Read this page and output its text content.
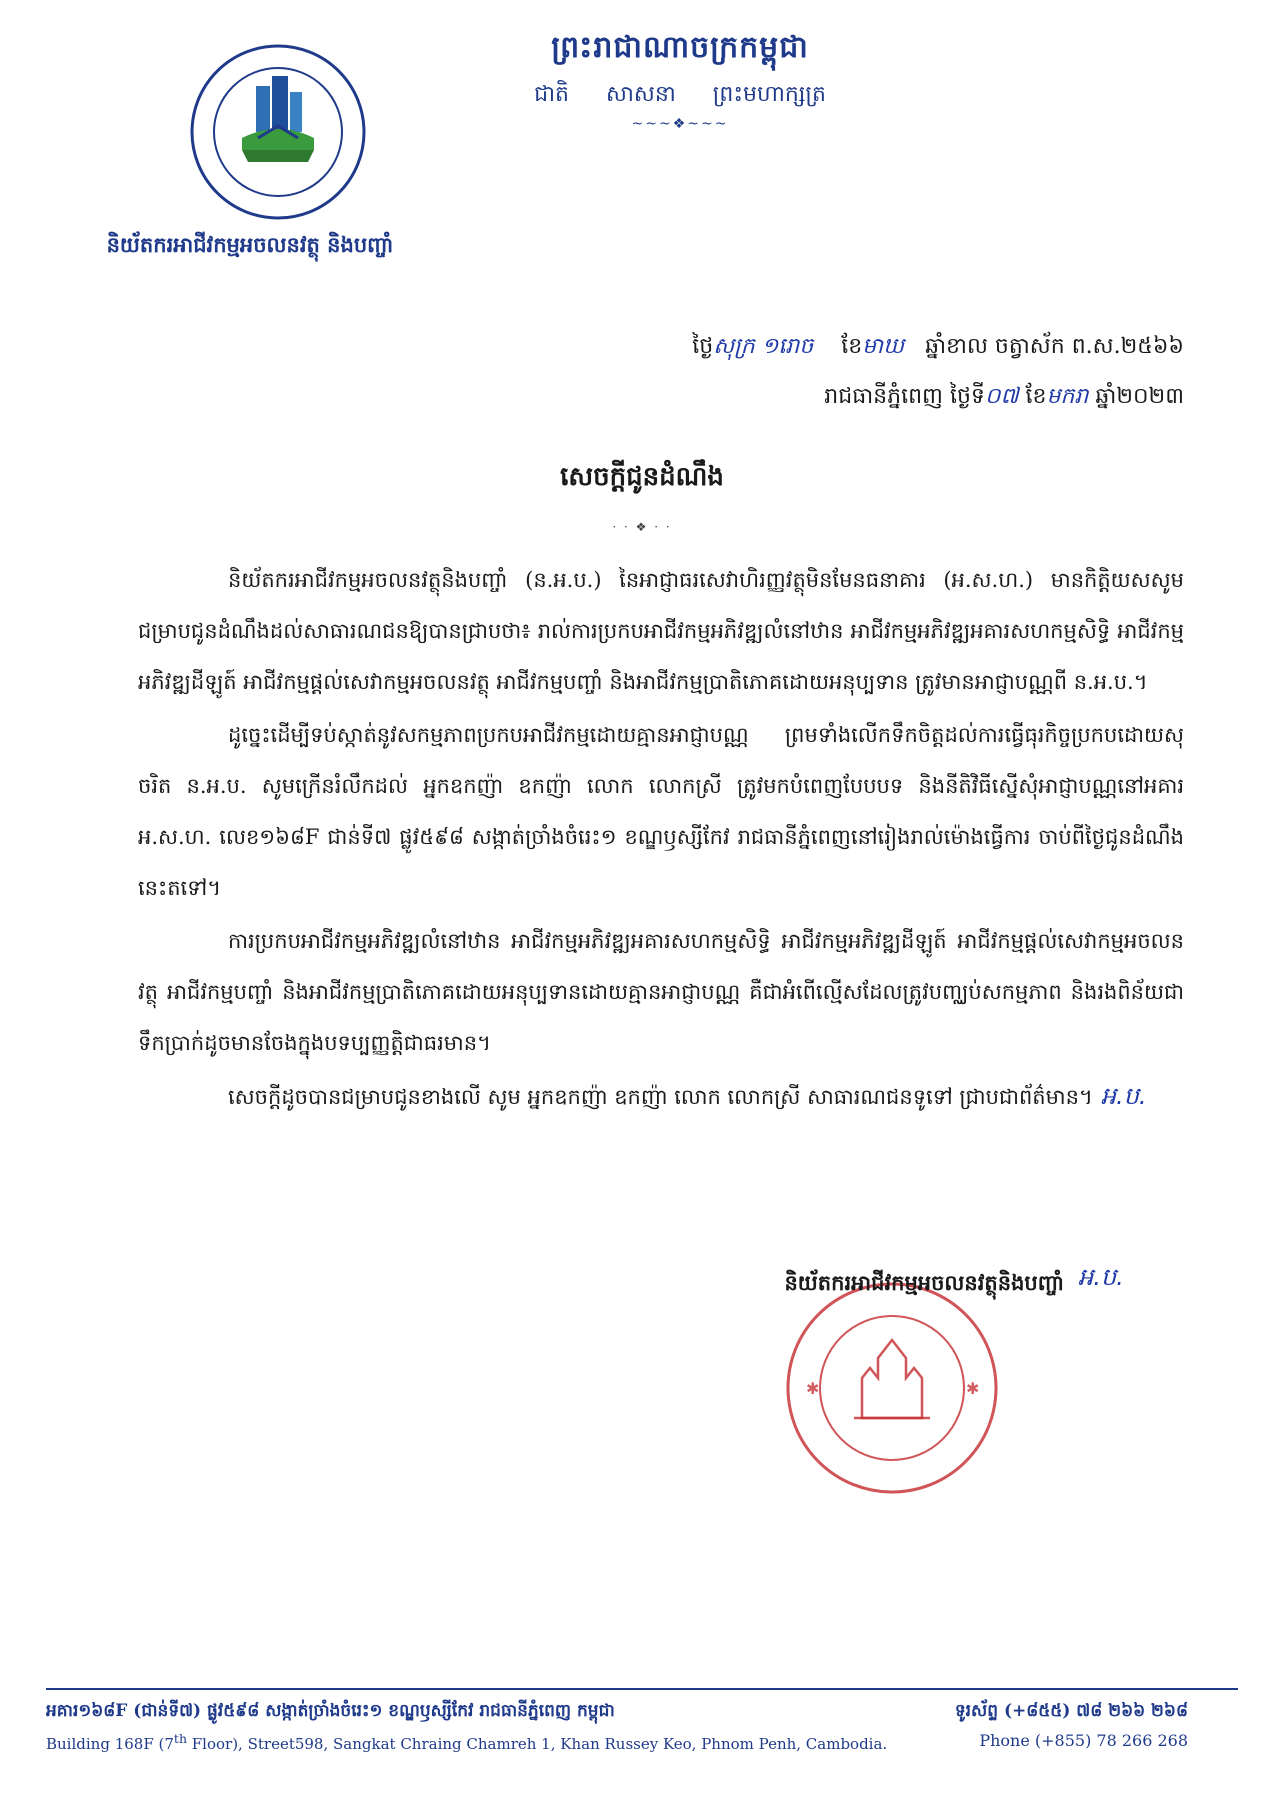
និយ័តករអាជីវកម្មអចលនវត្ថុ និងបញ្ចាំ
ព្រះរាជាណាចក្រកម្ពុជា
ជាតិ សាសនា ព្រះមហាក្សត្រ
~~~❖~~~
ថ្ងៃសុក្រ ១រោច ខែមាឃ ឆ្នាំខាល ចត្វាស័ក ព.ស.២៥៦៦
រាជធានីភ្នំពេញ ថ្ងៃទី០៧ ខែមករា ឆ្នាំ២០២៣
សេចក្តីជូនដំណឹង
· · ❖ · ·

និយ័តករអាជីវកម្មអចលនវត្ថុនិងបញ្ចាំ (ន.អ.ប.) នៃអាជ្ញាធរសេវាហិរញ្ញវត្ថុមិនមែនធនាគារ (អ.ស.ហ.) មានកិត្តិយសសូមជម្រាបជូនដំណឹងដល់សាធារណជនឱ្យបានជ្រាបថា៖ រាល់ការប្រកបអាជីវកម្មអភិវឌ្ឍលំនៅឋាន អាជីវកម្មអភិវឌ្ឍអគារសហកម្មសិទ្ធិ អាជីវកម្មអភិវឌ្ឍដីឡូត៍ អាជីវកម្មផ្តល់សេវាកម្មអចលនវត្ថុ អាជីវកម្មបញ្ចាំ និងអាជីវកម្មប្រាតិភោគដោយអនុប្បទាន ត្រូវមានអាជ្ញាបណ្ណពី ន.អ.ប.។

ដូច្នេះដើម្បីទប់ស្កាត់នូវសកម្មភាពប្រកបអាជីវកម្មដោយគ្មានអាជ្ញាបណ្ណ ព្រមទាំងលើកទឹកចិត្តដល់ការធ្វើធុរកិច្ចប្រកបដោយសុចរិត ន.អ.ប. សូមក្រើនរំលឹកដល់ អ្នកឧកញ៉ា ឧកញ៉ា លោក លោកស្រី ត្រូវមកបំពេញបែបបទ និងនីតិវិធីស្នើសុំអាជ្ញាបណ្ណនៅអគារ អ.ស.ហ. លេខ១៦៨F ជាន់ទី៧ ផ្លូវ៥៩៨ សង្កាត់ច្រាំងចំរេះ១ ខណ្ឌឫស្សីកែវ រាជធានីភ្នំពេញនៅរៀងរាល់ម៉ោងធ្វើការ ចាប់ពីថ្ងៃជូនដំណឹងនេះតទៅ។

ការប្រកបអាជីវកម្មអភិវឌ្ឍលំនៅឋាន អាជីវកម្មអភិវឌ្ឍអគារសហកម្មសិទ្ធិ អាជីវកម្មអភិវឌ្ឍដីឡូត៍ អាជីវកម្មផ្តល់សេវាកម្មអចលនវត្ថុ អាជីវកម្មបញ្ចាំ និងអាជីវកម្មប្រាតិភោគដោយអនុប្បទានដោយគ្មានអាជ្ញាបណ្ណ គឺជាអំពើល្មើសដែលត្រូវបញ្ឈប់សកម្មភាព និងរងពិន័យជាទឹកប្រាក់ដូចមានចែងក្នុងបទប្បញ្ញត្តិជាធរមាន។

សេចក្តីដូចបានជម្រាបជូនខាងលើ សូម អ្នកឧកញ៉ា ឧកញ៉ា លោក លោកស្រី សាធារណជនទូទៅ ជ្រាបជាព័ត៌មាន។ អ.ប.

✱	✱
និយ័តករអាជីវកម្មអចលនវត្ថុនិងបញ្ចាំ អ.ប.
អគារ១៦៨F (ជាន់ទី៧) ផ្លូវ៥៩៨ សង្កាត់ច្រាំងចំរេះ១ ខណ្ឌឫស្សីកែវ រាជធានីភ្នំពេញ កម្ពុជា
Building 168F (7th Floor), Street598, Sangkat Chraing Chamreh 1, Khan Russey Keo, Phnom Penh, Cambodia.
ទូរស័ព្ទ (+៨៥៥) ៧៨ ២៦៦ ២៦៨
Phone (+855) 78 266 268
